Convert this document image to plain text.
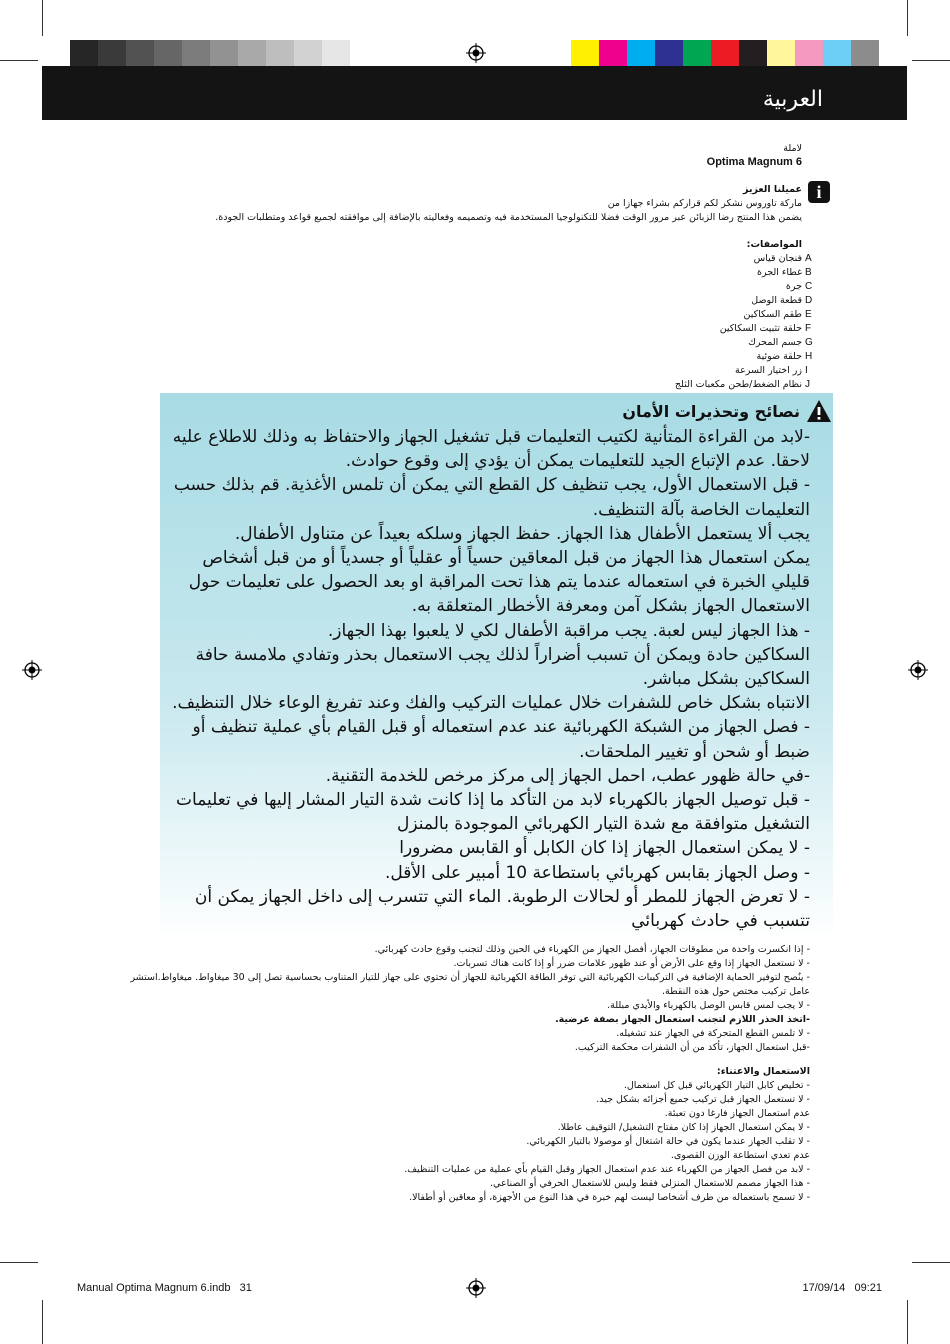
العربية
لاملة
Optima Magnum 6
i
عميلنا العزيز
ماركة تاوروس نشكر لكم قراركم بشراء جهازا من
يضمن هذا المنتج رضا الزبائن عبر مرور الوقت فضلا للتكنولوجيا المستخدمة فيه وتصميمه وفعاليته بالإضافة إلى موافقته لجميع قواعد ومتطلبات الجودة.
المواصفات:
فنجان قياس A
غطاء الجرة B
جرة C
قطعة الوصل D
طقم السكاكين E
حلقة تثبيت السكاكين F
جسم المحرك G
حلقة ضوئية H
زر اختيار السرعة I
نظام الضغط/طحن مكعبات الثلج J
نصائح وتحذيرات الأمان

-لابد من القراءة المتأنية لكتيب التعليمات قبل تشغيل الجهاز والاحتفاظ به وذلك للاطلاع عليه لاحقا. عدم الإتباع الجيد للتعليمات يمكن أن يؤدي إلى وقوع حوادث.

- قبل الاستعمال الأول، يجب تنظيف كل القطع التي يمكن أن تلمس الأغذية. قم بذلك حسب التعليمات الخاصة بآلة التنظيف.

يجب ألا يستعمل الأطفال هذا الجهاز. حفظ الجهاز وسلكه بعيداً عن متناول الأطفال.

يمكن استعمال هذا الجهاز من قبل المعاقين حسياً أو عقلياً أو جسدياً أو من قبل أشخاص قليلي الخبرة في استعماله عندما يتم هذا تحت المراقبة او بعد الحصول على تعليمات حول الاستعمال الجهاز بشكل آمن ومعرفة الأخطار المتعلقة به.

- هذا الجهاز ليس لعبة. يجب مراقبة الأطفال لكي لا يلعبوا بهذا الجهاز.

السكاكين حادة ويمكن أن تسبب أضراراً لذلك يجب الاستعمال بحذر وتفادي ملامسة حافة السكاكين بشكل مباشر.

الانتباه بشكل خاص للشفرات خلال عمليات التركيب والفك وعند تفريغ الوعاء خلال التنظيف.

- فصل الجهاز من الشبكة الكهربائية عند عدم استعماله أو قبل القيام بأي عملية تنظيف أو ضبط أو شحن أو تغيير الملحقات.

-في حالة ظهور عطب، احمل الجهاز إلى مركز مرخص للخدمة التقنية.

- قبل توصيل الجهاز بالكهرباء لابد من التأكد ما إذا كانت شدة التيار المشار إليها في تعليمات التشغيل متوافقة مع شدة التيار الكهربائي الموجودة بالمنزل

- لا يمكن استعمال الجهاز إذا كان الكابل أو القابس مضرورا

- وصل الجهاز بقابس كهربائي باستطاعة 10 أمبير على الأقل.

- لا تعرض الجهاز للمطر أو لحالات الرطوبة. الماء التي تتسرب إلى داخل الجهاز يمكن أن تتسبب في حادث كهربائي

- إذا انكسرت واحدة من مطوقات الجهاز، أفصل الجهاز من الكهرباء في الحين وذلك لتجنب وقوع حادث كهربائي.
- لا تستعمل الجهاز إذا وقع على الأرض أو عند ظهور علامات ضرر أو إذا كانت هناك تسربات.
- ينُصح لتوفير الحماية الإضافية في التركيبات الكهربائية التي توفر الطاقة الكهربائية للجهاز أن تحتوي على جهاز للتيار المتناوب بحساسية تصل إلى 30 ميغاواط. ميغاواط.استشر عامل تركيب مختص حول هذه النقطة.
- لا يجب لمس قابس الوصل بالكهرباء والأيدي مبللة.
-اتخذ الحذر اللازم لتجنب استعمال الجهاز بصفة عرضية.
- لا تلمس القطع المتحركة في الجهاز عند تشغيله.
-قبل استعمال الجهاز، تأكد من أن الشفرات محكمة التركيب.
الاستعمال والاعتناء:
- تخليص كابل التيار الكهربائي قبل كل استعمال.
- لا تستعمل الجهاز قبل تركيب جميع أجزائه بشكل جيد.
عدم استعمال الجهاز فارغا دون تعبئة.
- لا يمكن استعمال الجهاز إذا كان مفتاح التشغيل/ التوقيف عاطلا.
- لا تقلب الجهاز عندما يكون في حالة اشتغال أو موصولا بالتيار الكهربائي.
عدم تعدي استطاعة الوزن القصوى.
- لابد من فصل الجهاز من الكهرباء عند عدم استعمال الجهاز وقبل القيام بأي عملية من عمليات التنظيف.
- هذا الجهاز مصمم للاستعمال المنزلي فقط وليس للاستعمال الحرفي أو الصناعي.
- لا تسمح باستعماله من طرف أشخاصا ليست لهم خبرة في هذا النوع من الأجهزة، أو معاقين أو أطفالا.
Manual Optima Magnum 6.indb   31	17/09/14   09:21
